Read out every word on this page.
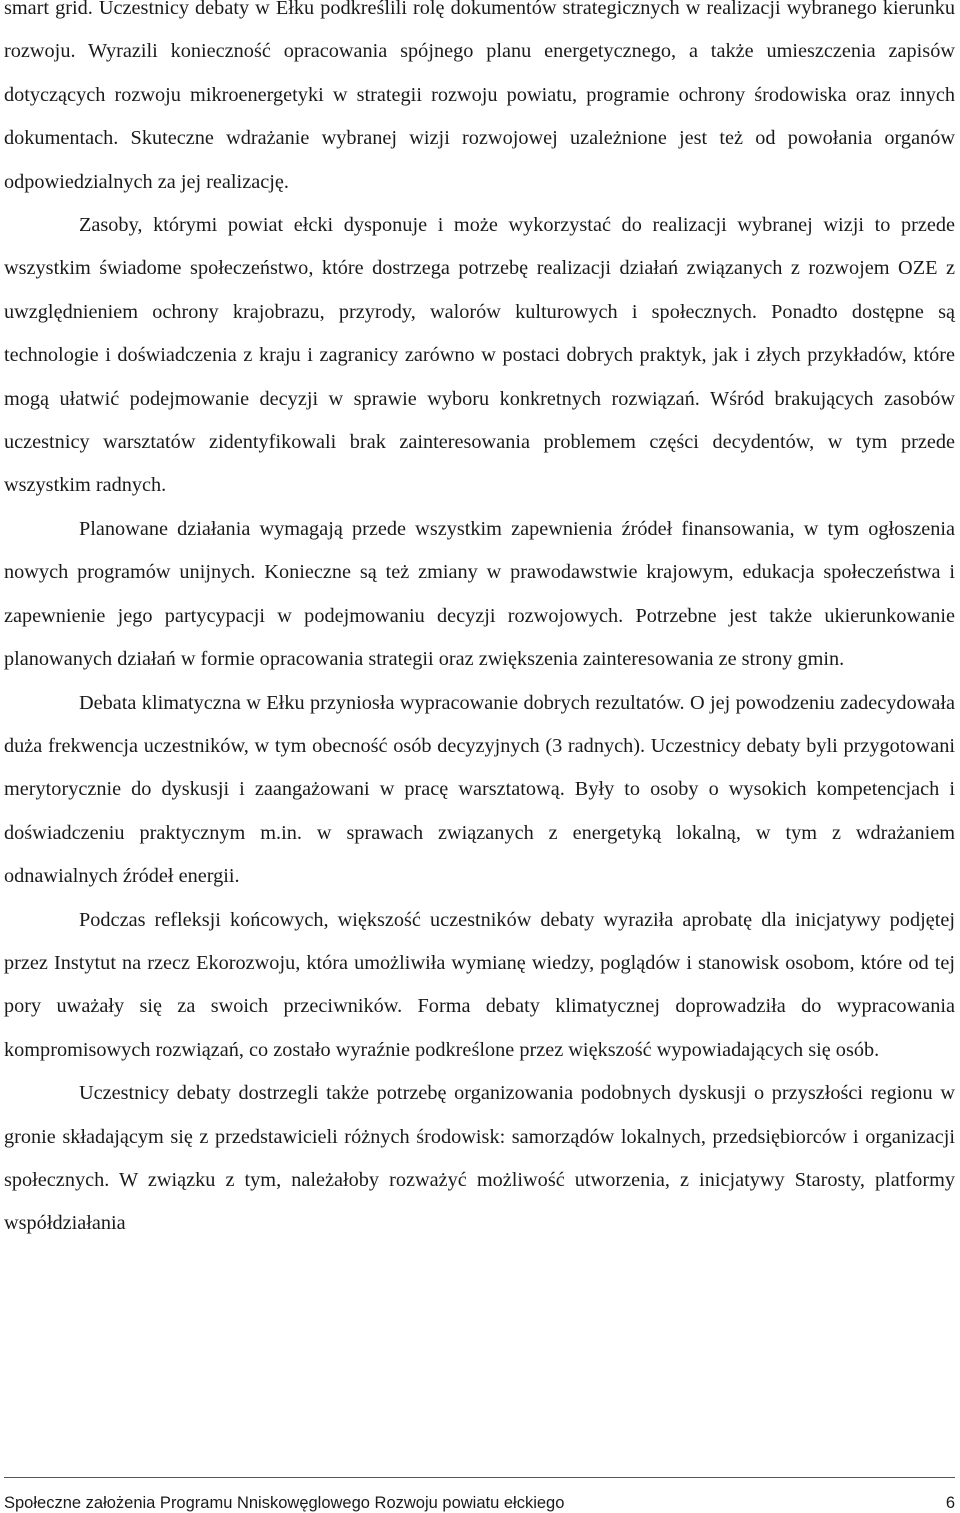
smart grid. Uczestnicy debaty w Ełku podkreślili rolę dokumentów strategicznych w realizacji wybranego kierunku rozwoju. Wyrazili konieczność opracowania spójnego planu energetycznego, a także umieszczenia zapisów dotyczących rozwoju mikroenergetyki w strategii rozwoju powiatu, programie ochrony środowiska oraz innych dokumentach. Skuteczne wdrażanie wybranej wizji rozwojowej uzależnione jest też od powołania organów odpowiedzialnych za jej realizację.

Zasoby, którymi powiat ełcki dysponuje i może wykorzystać do realizacji wybranej wizji to przede wszystkim świadome społeczeństwo, które dostrzega potrzebę realizacji działań związanych z rozwojem OZE z uwzględnieniem ochrony krajobrazu, przyrody, walorów kulturowych i społecznych. Ponadto dostępne są technologie i doświadczenia z kraju i zagranicy zarówno w postaci dobrych praktyk, jak i złych przykładów, które mogą ułatwić podejmowanie decyzji w sprawie wyboru konkretnych rozwiązań. Wśród brakujących zasobów uczestnicy warsztatów zidentyfikowali brak zainteresowania problemem części decydentów, w tym przede wszystkim radnych.

Planowane działania wymagają przede wszystkim zapewnienia źródeł finansowania, w tym ogłoszenia nowych programów unijnych. Konieczne są też zmiany w prawodawstwie krajowym, edukacja społeczeństwa i zapewnienie jego partycypacji w podejmowaniu decyzji rozwojowych. Potrzebne jest także ukierunkowanie planowanych działań w formie opracowania strategii oraz zwiększenia zainteresowania ze strony gmin.

Debata klimatyczna w Ełku przyniosła wypracowanie dobrych rezultatów. O jej powodzeniu zadecydowała duża frekwencja uczestników, w tym obecność osób decyzyjnych (3 radnych). Uczestnicy debaty byli przygotowani merytorycznie do dyskusji i zaangażowani w pracę warsztatową. Były to osoby o wysokich kompetencjach i doświadczeniu praktycznym m.in. w sprawach związanych z energetyką lokalną, w tym z wdrażaniem odnawialnych źródeł energii.

Podczas refleksji końcowych, większość uczestników debaty wyraziła aprobatę dla inicjatywy podjętej przez Instytut na rzecz Ekorozwoju, która umożliwiła wymianę wiedzy, poglądów i stanowisk osobom, które od tej pory uważały się za swoich przeciwników. Forma debaty klimatycznej doprowadziła do wypracowania kompromisowych rozwiązań, co zostało wyraźnie podkreślone przez większość wypowiadających się osób.

Uczestnicy debaty dostrzegli także potrzebę organizowania podobnych dyskusji o przyszłości regionu w gronie składającym się z przedstawicieli różnych środowisk: samorządów lokalnych, przedsiębiorców i organizacji społecznych. W związku z tym, należałoby rozważyć możliwość utworzenia, z inicjatywy Starosty, platformy współdziałania

Społeczne założenia Programu Nniskowęglowego Rozwoju powiatu ełckiego	6
